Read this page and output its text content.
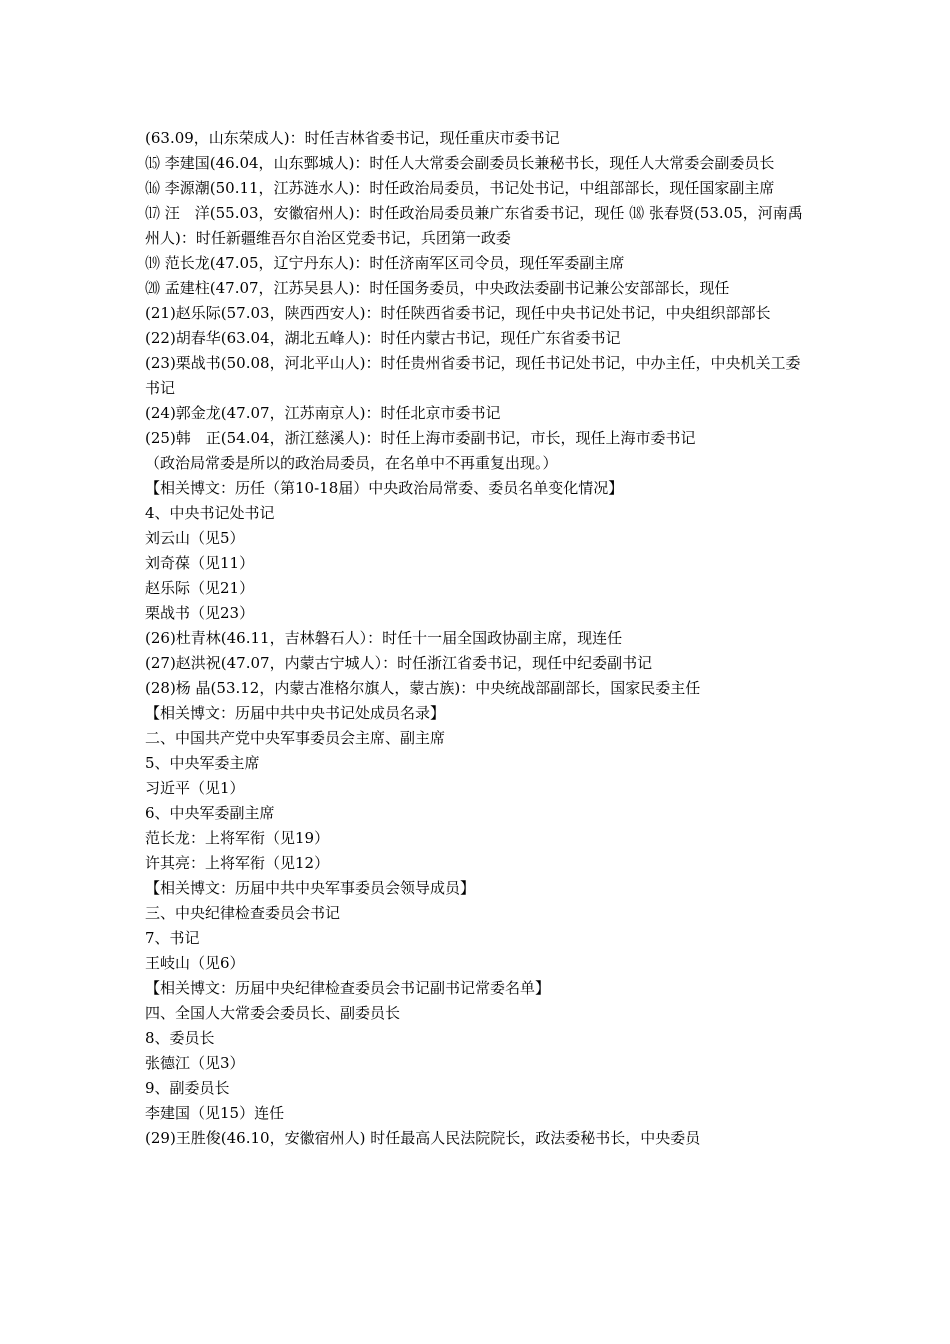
(63.09，山东荣成人)：时任吉林省委书记，现任重庆市委书记

⒂ 李建国(46.04，山东鄄城人)：时任人大常委会副委员长兼秘书长，现任人大常委会副委员长

⒃ 李源潮(50.11，江苏涟水人)：时任政治局委员，书记处书记，中组部部长，现任国家副主席

⒄ 汪　洋(55.03，安徽宿州人)：时任政治局委员兼广东省委书记，现任 ⒅ 张春贤(53.05，河南禹州人)：时任新疆维吾尔自治区党委书记，兵团第一政委

⒆ 范长龙(47.05，辽宁丹东人)：时任济南军区司令员，现任军委副主席

⒇ 孟建柱(47.07，江苏吴县人)：时任国务委员，中央政法委副书记兼公安部部长，现任

(21)赵乐际(57.03，陕西西安人)：时任陕西省委书记，现任中央书记处书记，中央组织部部长

(22)胡春华(63.04，湖北五峰人)：时任内蒙古书记，现任广东省委书记

(23)栗战书(50.08，河北平山人)：时任贵州省委书记，现任书记处书记，中办主任，中央机关工委书记

(24)郭金龙(47.07，江苏南京人)：时任北京市委书记

(25)韩　正(54.04，浙江慈溪人)：时任上海市委副书记，市长，现任上海市委书记

（政治局常委是所以的政治局委员，在名单中不再重复出现。）

【相关博文：历任（第10-18届）中央政治局常委、委员名单变化情况】

4、中央书记处书记

刘云山（见5）

刘奇葆（见11）

赵乐际（见21）

栗战书（见23）

(26)杜青林(46.11，吉林磐石人）：时任十一届全国政协副主席，现连任

(27)赵洪祝(47.07，内蒙古宁城人）：时任浙江省委书记，现任中纪委副书记

(28)杨 晶(53.12，内蒙古准格尔旗人，蒙古族)：中央统战部副部长，国家民委主任

【相关博文：历届中共中央书记处成员名录】

二、中国共产党中央军事委员会主席、副主席

5、中央军委主席

习近平（见1）

6、中央军委副主席

范长龙：上将军衔（见19）

许其亮：上将军衔（见12）

【相关博文：历届中共中央军事委员会领导成员】

三、中央纪律检查委员会书记

7、书记

王岐山（见6）

【相关博文：历届中央纪律检查委员会书记副书记常委名单】

四、全国人大常委会委员长、副委员长

8、委员长

张德江（见3）

9、副委员长

李建国（见15）连任

(29)王胜俊(46.10，安徽宿州人) 时任最高人民法院院长，政法委秘书长，中央委员
